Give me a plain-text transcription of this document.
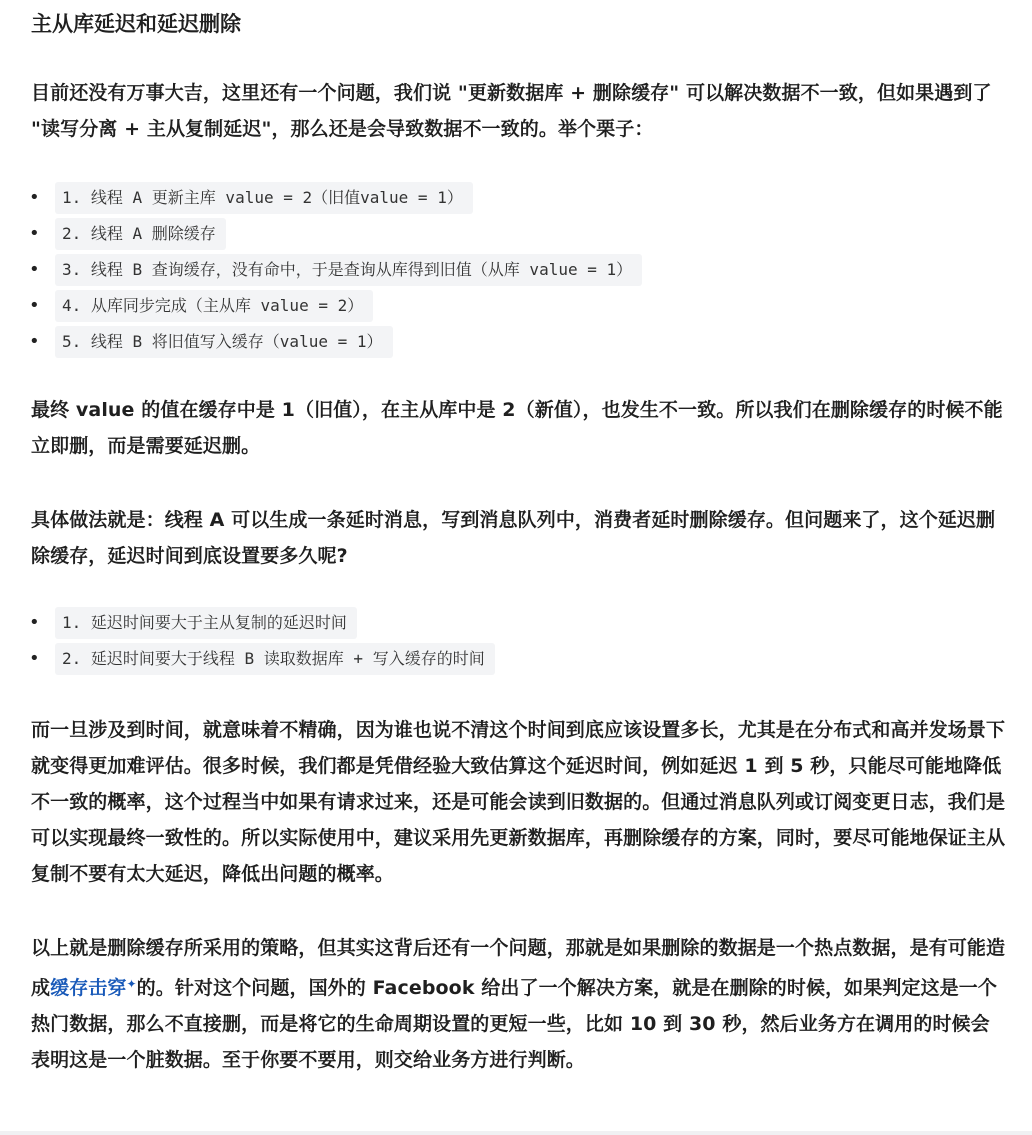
主从库延迟和延迟删除

目前还没有万事大吉，这里还有一个问题，我们说 "更新数据库 + 删除缓存" 可以解决数据不一致，但如果遇到了 "读写分离 + 主从复制延迟"，那么还是会导致数据不一致的。举个栗子：

•	1. 线程 A 更新主库 value = 2（旧值value = 1）
•	2. 线程 A 删除缓存
•	3. 线程 B 查询缓存，没有命中，于是查询从库得到旧值（从库 value = 1）
•	4. 从库同步完成（主从库 value = 2）
•	5. 线程 B 将旧值写入缓存（value = 1）

最终 value 的值在缓存中是 1（旧值），在主从库中是 2（新值），也发生不一致。所以我们在删除缓存的时候不能立即删，而是需要延迟删。

具体做法就是：线程 A 可以生成一条延时消息，写到消息队列中，消费者延时删除缓存。但问题来了，这个延迟删除缓存，延迟时间到底设置要多久呢?

•	1. 延迟时间要大于主从复制的延迟时间
•	2. 延迟时间要大于线程 B 读取数据库 + 写入缓存的时间

而一旦涉及到时间，就意味着不精确，因为谁也说不清这个时间到底应该设置多长，尤其是在分布式和高并发场景下就变得更加难评估。很多时候，我们都是凭借经验大致估算这个延迟时间，例如延迟 1 到 5 秒，只能尽可能地降低不一致的概率，这个过程当中如果有请求过来，还是可能会读到旧数据的。但通过消息队列或订阅变更日志，我们是可以实现最终一致性的。所以实际使用中，建议采用先更新数据库，再删除缓存的方案，同时，要尽可能地保证主从复制不要有太大延迟，降低出问题的概率。

以上就是删除缓存所采用的策略，但其实这背后还有一个问题，那就是如果删除的数据是一个热点数据，是有可能造成缓存击穿✦的。针对这个问题，国外的 Facebook 给出了一个解决方案，就是在删除的时候，如果判定这是一个热门数据，那么不直接删，而是将它的生命周期设置的更短一些，比如 10 到 30 秒，然后业务方在调用的时候会表明这是一个脏数据。至于你要不要用，则交给业务方进行判断。
